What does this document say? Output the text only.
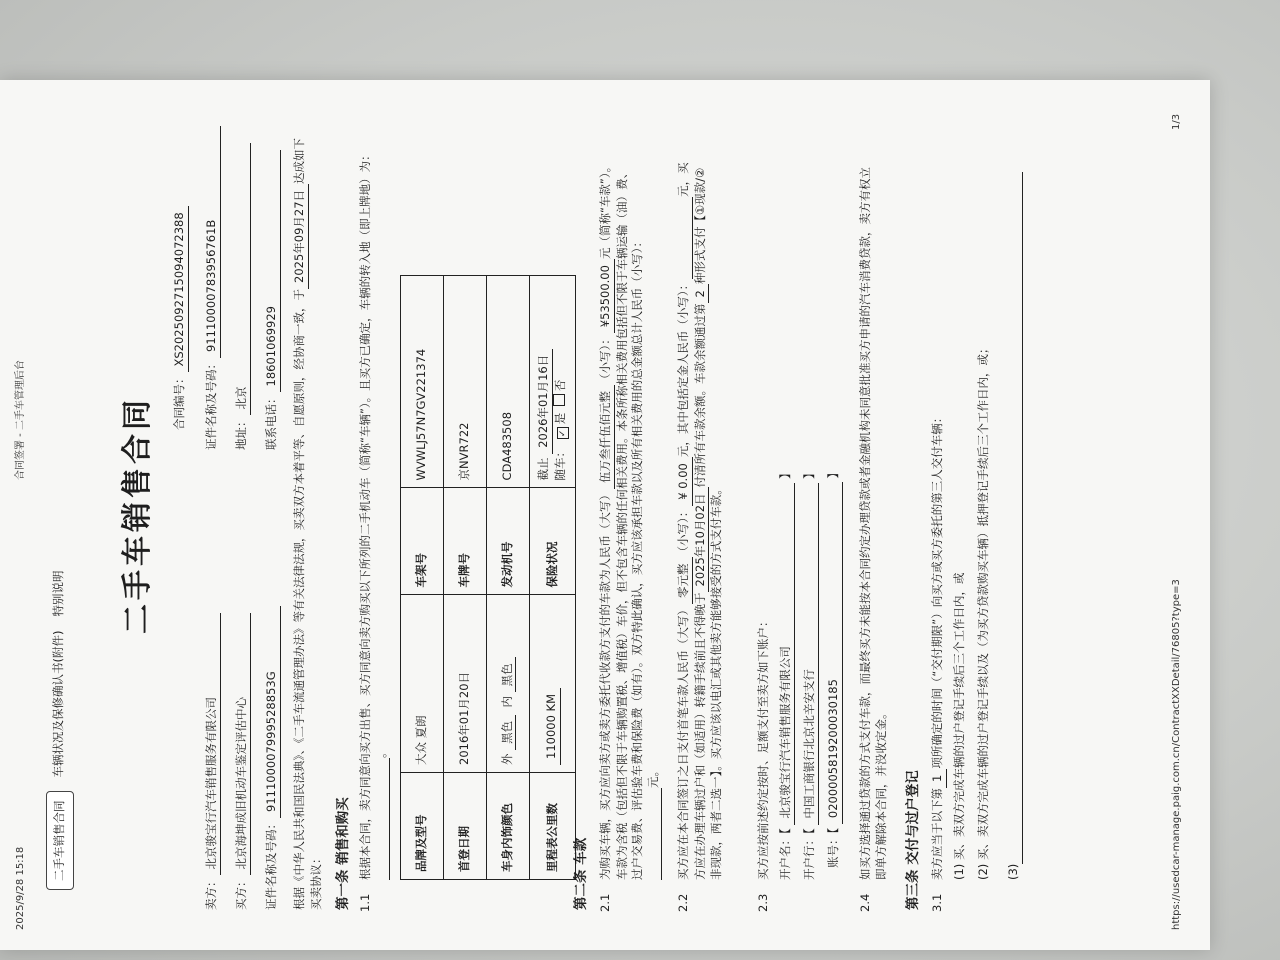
2025/9/28 15:18
合同签署 - 二手车管理后台
二手车销售合同
车辆状况及保修确认书(附件)
特别说明 二手车销售合同	合同编号：XS2025092715094072388
卖方：北京骏宝行汽车销售服务有限公司
证件名称及号码：91110000783956761B
买方：北京海坤成旧机动车鉴定评估中心
地址：北京
证件名称及号码：911100007999528853G
联系电话：18601069929 根据《中华人民共和国民法典》、《二手车流通管理办法》等有关法律法规，买卖双方本着平等、自愿原则，经协商一致，于2025年09月27日达成如下买卖协议： 第一条 销售和购买 1.1
根据本合同，卖方同意向买方出售、买方同意向卖方购买以下所列的二手机动车（简称“车辆”）。且买方已确定，车辆的转入地（即上牌地）为： 。
品牌及型号	大众 夏朗	车架号	WVWLJ57N7GV221374
首登日期	2016年01月20日	车牌号	京NVR722
车身内饰颜色	外 黑色  内 黑色	发动机号	CDA483508
里程表公里数	110000 KM	保险状况	截止 2026年01月16日
随车： ✓是 否
第二条 车款 2.1
为购买车辆，买方应向卖方或卖方委托代收款方支付的车款为人民币（大写）伍万叁仟伍佰元整（小写）：¥53500.00元（简称“车款”）。车款为含税（包括但不限于车辆购置税、增值税）车价，但不包含车辆的任何相关费用。本条所称相关费用包括但不限于车辆运输（油）费、过户交易费、评估验车费和保险费（如有）。双方特此确认，买方应该承担车款以及所有相关费用的总金额总计人民币（小写）： 元。
2.2
买方应在本合同签订之日支付首笔车款人民币（大写）零元整（小写）：¥ 0.00元，其中包括定金人民币（小写）： 元，买方应在办理车辆过户和（如适用）转籍手续前且不得晚于2025年10月02日付清所有车款余额。车款余额通过第2种形式支付【①现款/②非现款，两者二选一】。买方应该以电汇或其他卖方能够接受的方式支付车款。
2.3
买方应按前述约定按时、足额支付至卖方如下账户： 开户名：【 北京骏宝行汽车销售服务有限公司 】
开户行：【 中国工商银行北京北辛安支行 】
账号：【 0200005819200030185 】
2.4
如买方选择通过贷款的方式支付车款，而最终买方未能按本合同约定办理贷款或者金融机构未同意批准买方申请的汽车消费贷款，卖方有权立即单方解除本合同，并没收定金。 第三条 交付与过户登记 3.1
卖方应当于以下第1项所确定的时间（“交付期限”）向买方或买方委托的第三人交付车辆： (1) 买、卖双方完成车辆的过户登记手续后三个工作日内，或 (2) 买、卖双方完成车辆的过户登记手续以及（为买方贷款购买车辆）抵押登记手续后三个工作日内，或； (3)	https://usedcar-manage.paig.com.cn/ContractXXDetail/76805?type=3
1/3
